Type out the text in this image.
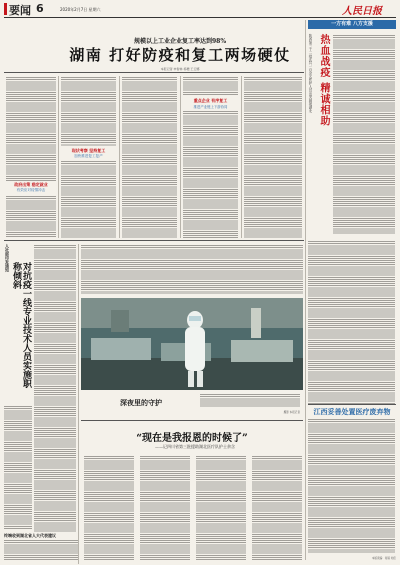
要闻 6	2020年2月7日 星期六	人民日报
规模以上工业企业复工率达到98%
湖南 打好防疫和复工两场硬仗
本报记者 申智林 杨穗 王云娜
政府出策 稳定就业
有效应对疫情冲击
现状考察 坚持复工
加快推进复工复产
重点企业 有序复工
推进产业链上下游协同
人社部印发通知
对抗疫一线专业技术人员实施职称倾斜
终端收到湖北省人大代表建议
深夜里的守护
摄影 本报记者
“现在是我报恩的时候了”
——记四川省第三批援助湖北医疗队护士余含
一方有难 八方支援
陕西第三十二批次共一百余名医护人员出发驰援湖北 热血战疫 精诚相助
江西妥善处置医疗废弃物
本版责编：何娟 刘佳
